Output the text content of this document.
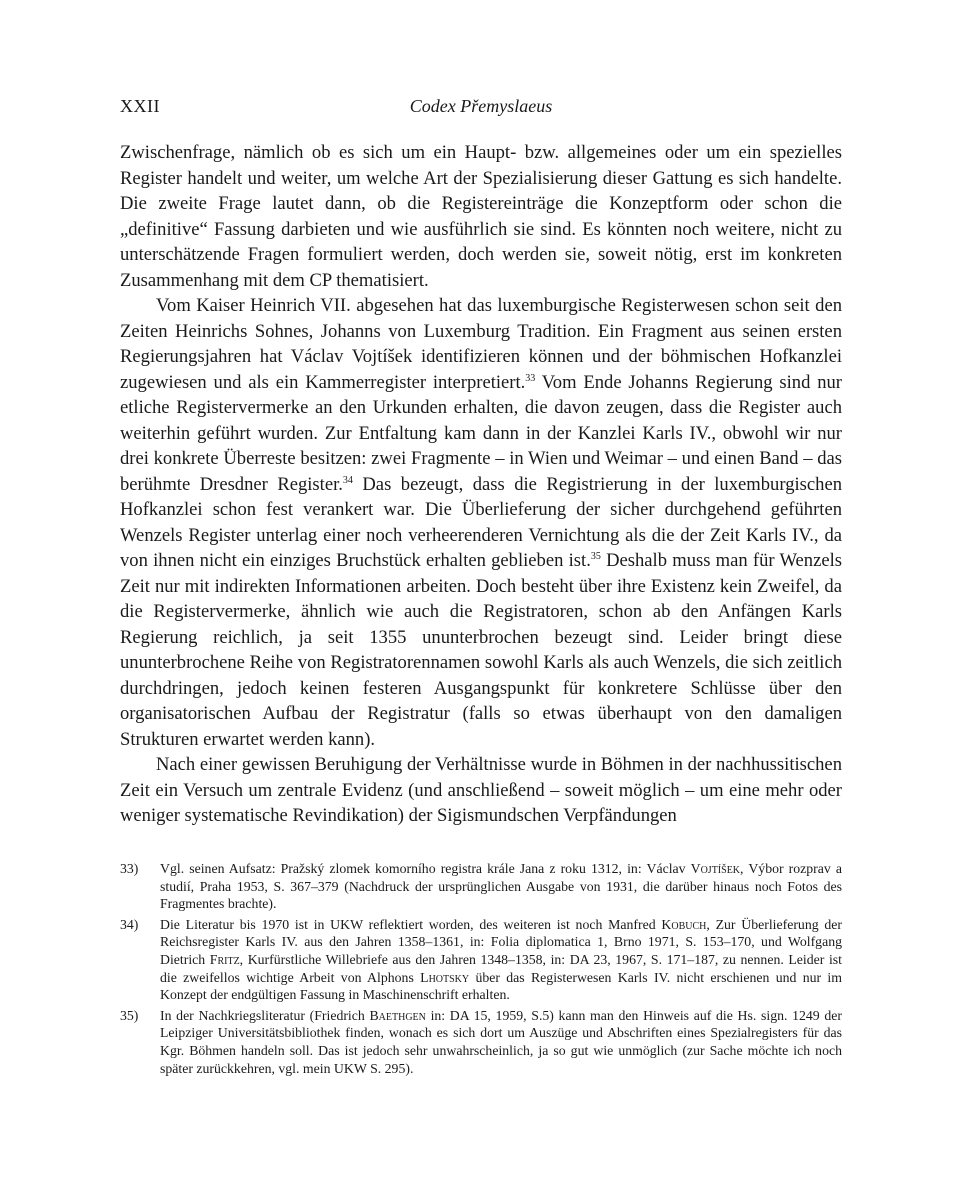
XXII	Codex Přemyslaeus

Zwischenfrage, nämlich ob es sich um ein Haupt- bzw. allgemeines oder um ein spezielles Register handelt und weiter, um welche Art der Spezialisierung dieser Gattung es sich handelte. Die zweite Frage lautet dann, ob die Registereinträge die Konzeptform oder schon die „definitive“ Fassung darbieten und wie ausführlich sie sind. Es könnten noch weitere, nicht zu unterschätzende Fragen formuliert werden, doch werden sie, soweit nötig, erst im konkreten Zusammenhang mit dem CP thematisiert.

Vom Kaiser Heinrich VII. abgesehen hat das luxemburgische Registerwesen schon seit den Zeiten Heinrichs Sohnes, Johanns von Luxemburg Tradition. Ein Fragment aus seinen ersten Regierungsjahren hat Václav Vojtíšek identifizieren können und der böhmischen Hofkanzlei zugewiesen und als ein Kammerregister interpretiert.$^{33}$ Vom Ende Johanns Regierung sind nur etliche Registervermerke an den Urkunden erhalten, die davon zeugen, dass die Register auch weiterhin geführt wurden. Zur Entfaltung kam dann in der Kanzlei Karls IV., obwohl wir nur drei konkrete Überreste besitzen: zwei Fragmente – in Wien und Weimar – und einen Band – das berühmte Dresdner Register.$^{34}$ Das bezeugt, dass die Registrierung in der luxemburgischen Hofkanzlei schon fest verankert war. Die Überlieferung der sicher durchgehend geführten Wenzels Register unterlag einer noch verheerenderen Vernichtung als die der Zeit Karls IV., da von ihnen nicht ein einziges Bruchstück erhalten geblieben ist.$^{35}$ Deshalb muss man für Wenzels Zeit nur mit indirekten Informationen arbeiten. Doch besteht über ihre Existenz kein Zweifel, da die Registervermerke, ähnlich wie auch die Registratoren, schon ab den Anfängen Karls Regierung reichlich, ja seit 1355 ununterbrochen bezeugt sind. Leider bringt diese ununterbrochene Reihe von Registratorennamen sowohl Karls als auch Wenzels, die sich zeitlich durchdringen, jedoch keinen festeren Ausgangspunkt für konkretere Schlüsse über den organisatorischen Aufbau der Registratur (falls so etwas überhaupt von den damaligen Strukturen erwartet werden kann).

Nach einer gewissen Beruhigung der Verhältnisse wurde in Böhmen in der nachhussitischen Zeit ein Versuch um zentrale Evidenz (und anschließend – soweit möglich – um eine mehr oder weniger systematische Revindikation) der Sigismundschen Verpfändungen

33) Vgl. seinen Aufsatz: Pražský zlomek komorního registra krále Jana z roku 1312, in: Václav Vojtíšek, Výbor rozprav a studií, Praha 1953, S. 367–379 (Nachdruck der ursprünglichen Ausgabe von 1931, die darüber hinaus noch Fotos des Fragmentes brachte).
34) Die Literatur bis 1970 ist in UKW reflektiert worden, des weiteren ist noch Manfred Kobuch, Zur Überlieferung der Reichsregister Karls IV. aus den Jahren 1358–1361, in: Folia diplomatica 1, Brno 1971, S. 153–170, und Wolfgang Dietrich Fritz, Kurfürstliche Willebriefe aus den Jahren 1348–1358, in: DA 23, 1967, S. 171–187, zu nennen. Leider ist die zweifellos wichtige Arbeit von Alphons Lhotsky über das Registerwesen Karls IV. nicht erschienen und nur im Konzept der endgültigen Fassung in Maschinenschrift erhalten.
35) In der Nachkriegsliteratur (Friedrich Baethgen in: DA 15, 1959, S.5) kann man den Hinweis auf die Hs. sign. 1249 der Leipziger Universitätsbibliothek finden, wonach es sich dort um Auszüge und Abschriften eines Spezialregisters für das Kgr. Böhmen handeln soll. Das ist jedoch sehr unwahrscheinlich, ja so gut wie unmöglich (zur Sache möchte ich noch später zurückkehren, vgl. mein UKW S. 295).
